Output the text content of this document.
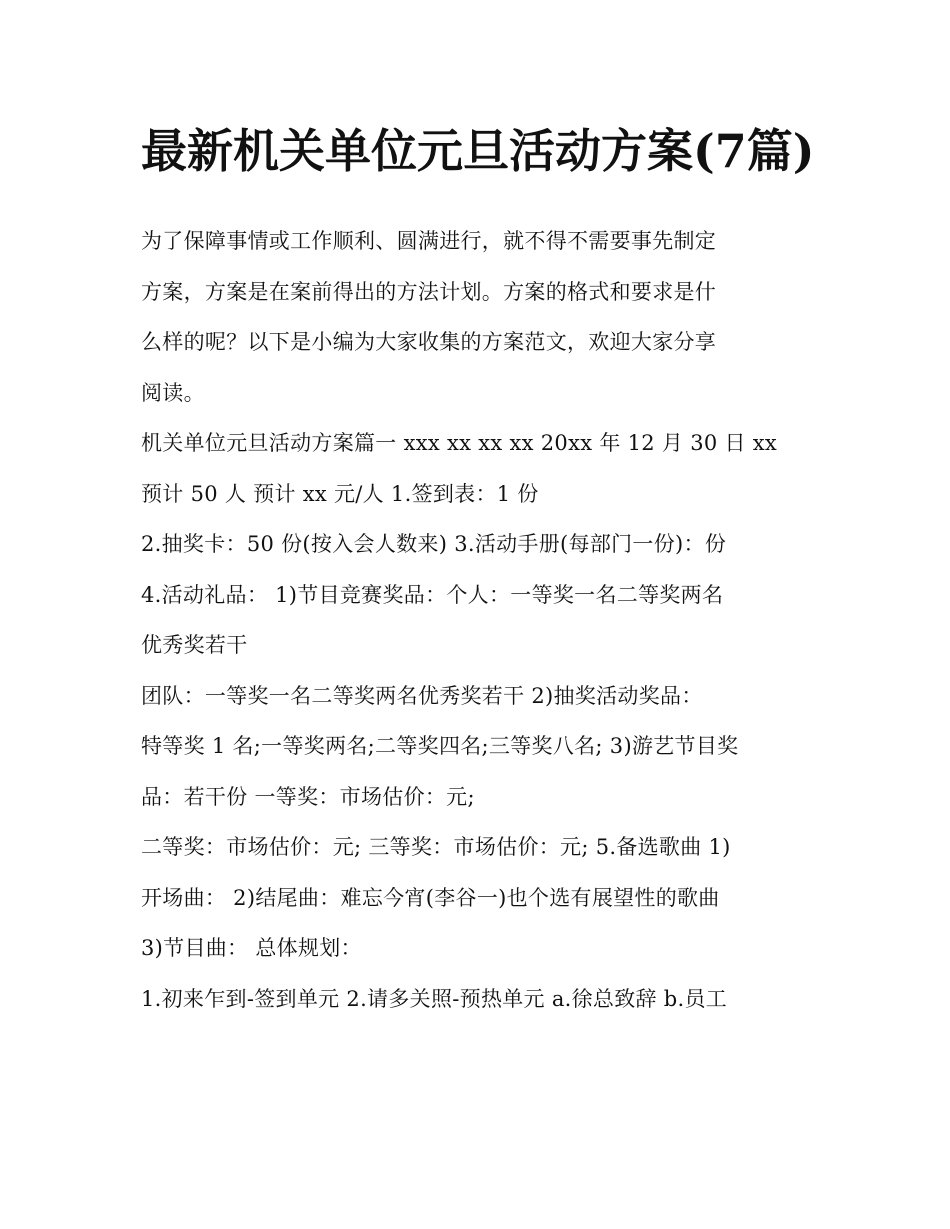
最新机关单位元旦活动方案(7篇)
为了保障事情或工作顺利、圆满进行，就不得不需要事先制定
方案，方案是在案前得出的方法计划。方案的格式和要求是什
么样的呢？以下是小编为大家收集的方案范文，欢迎大家分享
阅读。
机关单位元旦活动方案篇一 xxx xx xx xx 20xx 年 12 月 30 日 xx
预计 50 人 预计 xx 元/人 1.签到表：1 份
2.抽奖卡：50 份(按入会人数来) 3.活动手册(每部门一份)：份
4.活动礼品： 1)节目竞赛奖品：个人：一等奖一名二等奖两名
优秀奖若干
团队：一等奖一名二等奖两名优秀奖若干 2)抽奖活动奖品：
特等奖 1 名;一等奖两名;二等奖四名;三等奖八名; 3)游艺节目奖
品：若干份 一等奖：市场估价：元;
二等奖：市场估价：元; 三等奖：市场估价：元; 5.备选歌曲 1)
开场曲： 2)结尾曲：难忘今宵(李谷一)也个选有展望性的歌曲
3)节目曲： 总体规划：
1.初来乍到-签到单元 2.请多关照-预热单元 a.徐总致辞 b.员工
